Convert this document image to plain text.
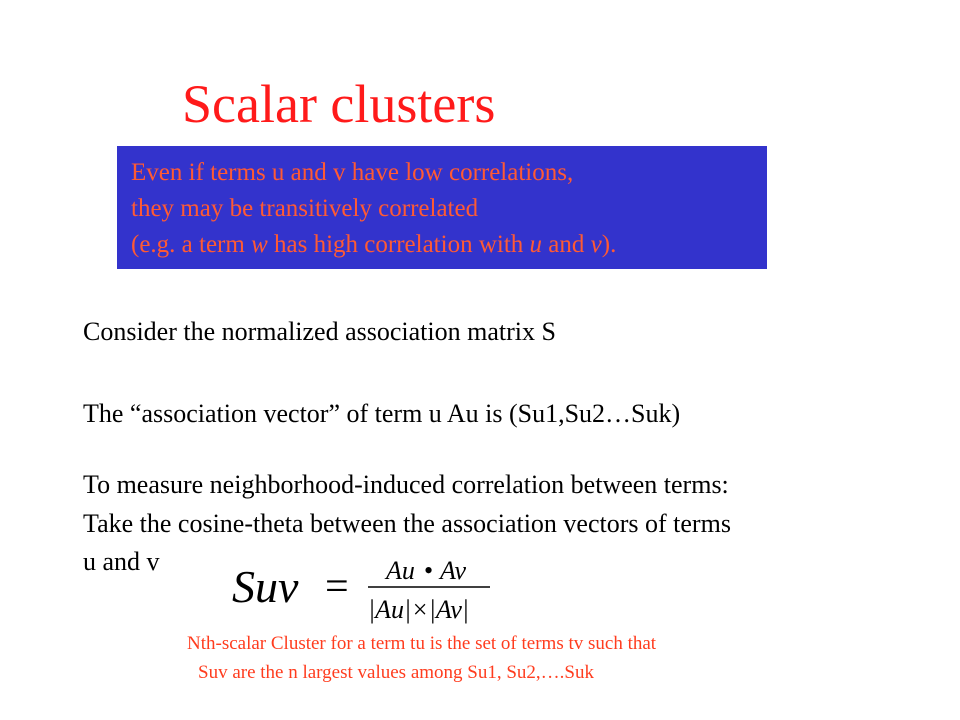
Scalar clusters
Even if terms u and v have low correlations,
they may be transitively correlated
(e.g. a term w has high correlation with u and v).
Consider the normalized association matrix S
The “association vector” of term u Au is (Su1,Su2…Suk)
To measure neighborhood-induced correlation between terms:
Take the cosine-theta between the association vectors of terms
u and v Suv = Au • Av
|Au|×|Av|
Nth-scalar Cluster for a term tu is the set of terms tv such that
Suv are the n largest values among Su1, Su2,….Suk
